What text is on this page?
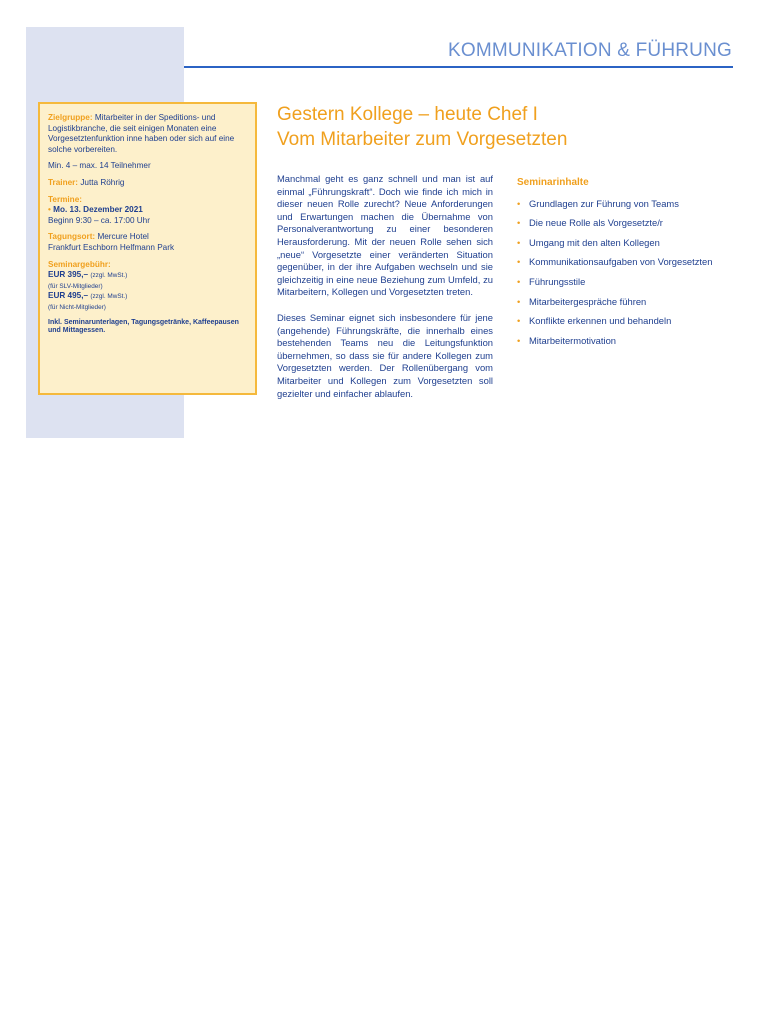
KOMMUNIKATION & FÜHRUNG

Zielgruppe: Mitarbeiter in der Speditions- und Logistikbranche, die seit einigen Monaten eine Vorgesetztenfunktion inne haben oder sich auf eine solche vorbereiten.

Min. 4 – max. 14 Teilnehmer

Trainer: Jutta Röhrig

Termine:
• Mo. 13. Dezember 2021
Beginn 9:30 – ca. 17:00 Uhr

Tagungsort: Mercure Hotel
Frankfurt Eschborn Helfmann Park

Seminargebühr:
EUR 395,– (zzgl. MwSt.)
(für SLV-Mitglieder)
EUR 495,– (zzgl. MwSt.)
(für Nicht-Mitglieder)

Inkl. Seminarunterlagen, Tagungsgetränke, Kaffeepausen und Mittagessen.
Gestern Kollege – heute Chef I
Vom Mitarbeiter zum Vorgesetzten

Manchmal geht es ganz schnell und man ist auf einmal „Führungskraft“. Doch wie finde ich mich in dieser neuen Rolle zurecht? Neue Anforderungen und Erwartungen machen die Übernahme von Personalverantwortung zu einer besonderen Herausforderung. Mit der neuen Rolle sehen sich „neue“ Vorgesetzte einer veränderten Situation gegenüber, in der ihre Aufgaben wechseln und sie gleichzeitig in eine neue Beziehung zum Umfeld, zu Mitarbeitern, Kollegen und Vorgesetzten treten.

Dieses Seminar eignet sich insbesondere für jene (angehende) Führungskräfte, die innerhalb eines bestehenden Teams neu die Leitungsfunktion übernehmen, so dass sie für andere Kollegen zum Vorgesetzten werden. Der Rollenübergang vom Mitarbeiter und Kollegen zum Vorgesetzten soll gezielter und einfacher ablaufen.

Seminarinhalte
• Grundlagen zur Führung von Teams
• Die neue Rolle als Vorgesetzte/r
• Umgang mit den alten Kollegen
• Kommunikationsaufgaben von Vorgesetzten
• Führungsstile
• Mitarbeitergespräche führen
• Konflikte erkennen und behandeln
• Mitarbeitermotivation
